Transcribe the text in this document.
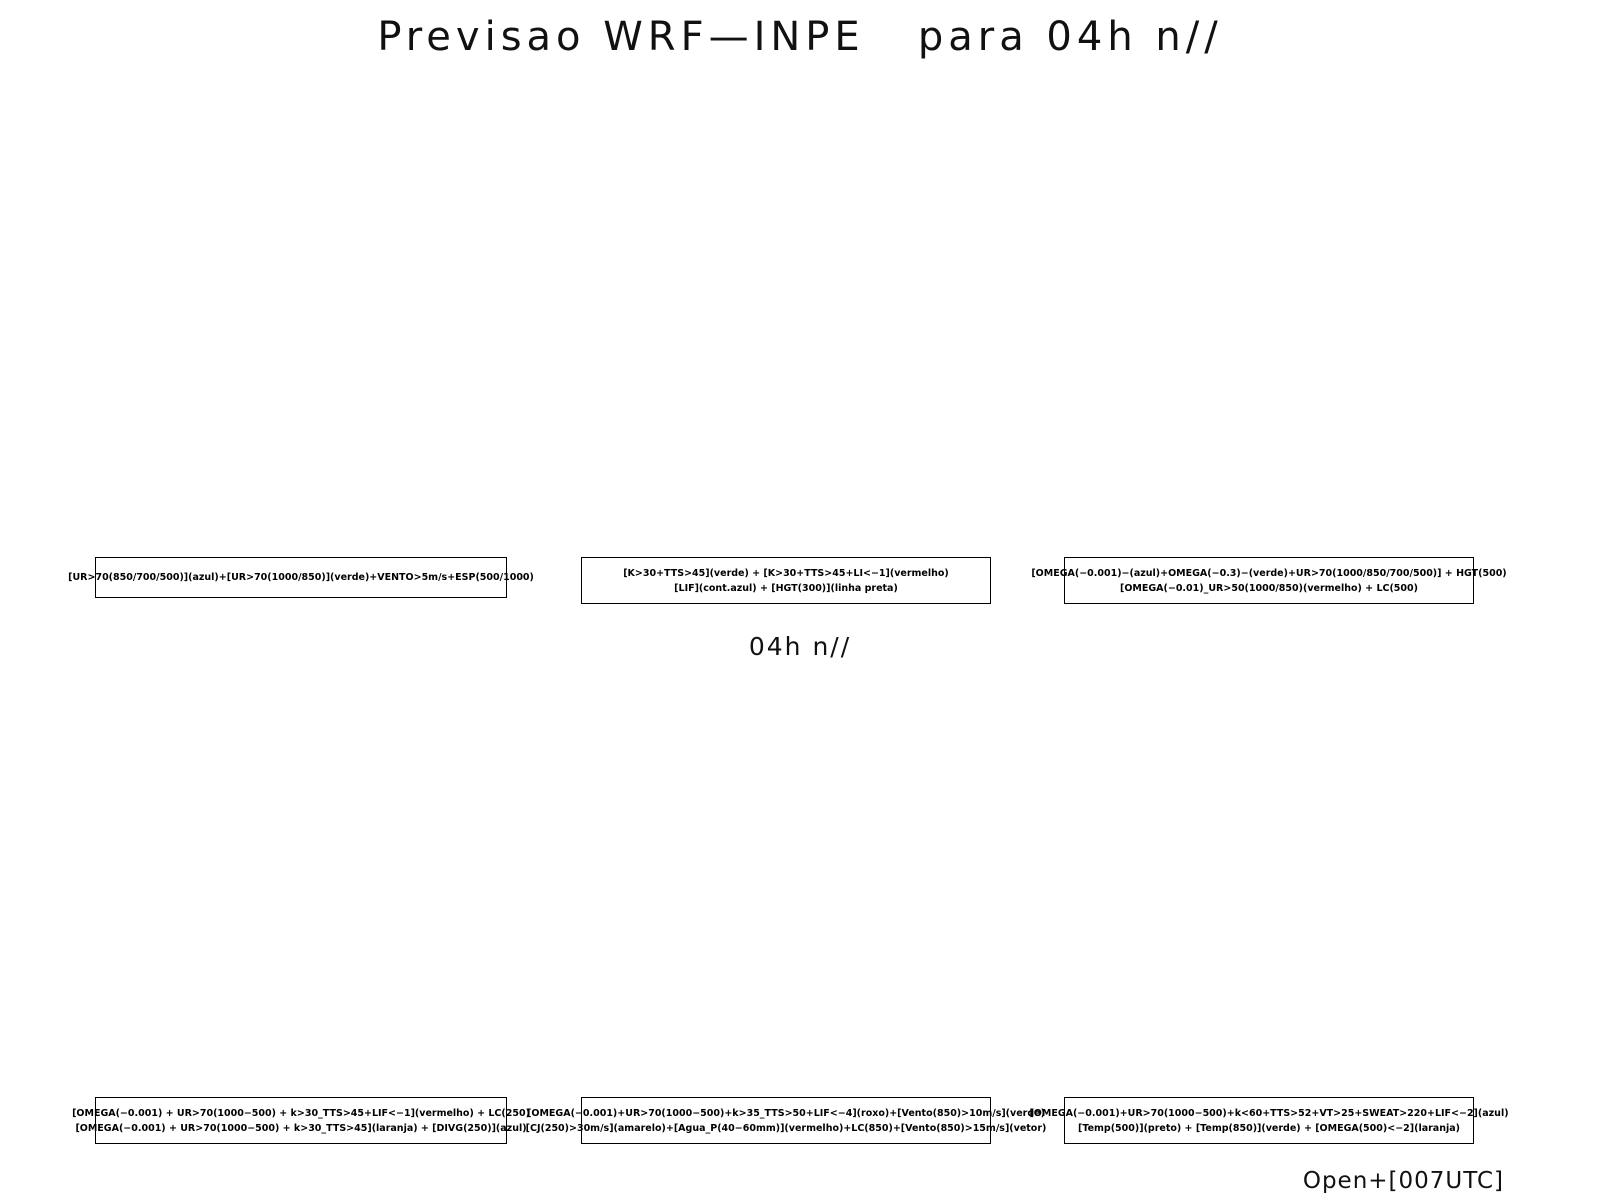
Previsao WRF—INPE   para 04h n//
[UR>70(850/700/500)](azul)+[UR>70(1000/850)](verde)+VENTO>5m/s+ESP(500/1000)	[K>30+TTS>45](verde) + [K>30+TTS>45+LI<−1](vermelho)
[LIF](cont.azul) + [HGT(300)](linha preta)
[OMEGA(−0.001)−(azul)+OMEGA(−0.3)−(verde)+UR>70(1000/850/700/500)] + HGT(500)
[OMEGA(−0.01)_UR>50(1000/850)(vermelho) + LC(500)
04h n//
[OMEGA(−0.001) + UR>70(1000−500) + k>30_TTS>45+LIF<−1](vermelho) + LC(250)
[OMEGA(−0.001) + UR>70(1000−500) + k>30_TTS>45](laranja) + [DIVG(250)](azul)
[OMEGA(−0.001)+UR>70(1000−500)+k>35_TTS>50+LIF<−4](roxo)+[Vento(850)>10m/s](verde)
[CJ(250)>30m/s](amarelo)+[Agua_P(40−60mm)](vermelho)+LC(850)+[Vento(850)>15m/s](vetor)
[OMEGA(−0.001)+UR>70(1000−500)+k<60+TTS>52+VT>25+SWEAT>220+LIF<−2](azul)
[Temp(500)](preto) + [Temp(850)](verde) + [OMEGA(500)<−2](laranja)
Open+[007UTC]
